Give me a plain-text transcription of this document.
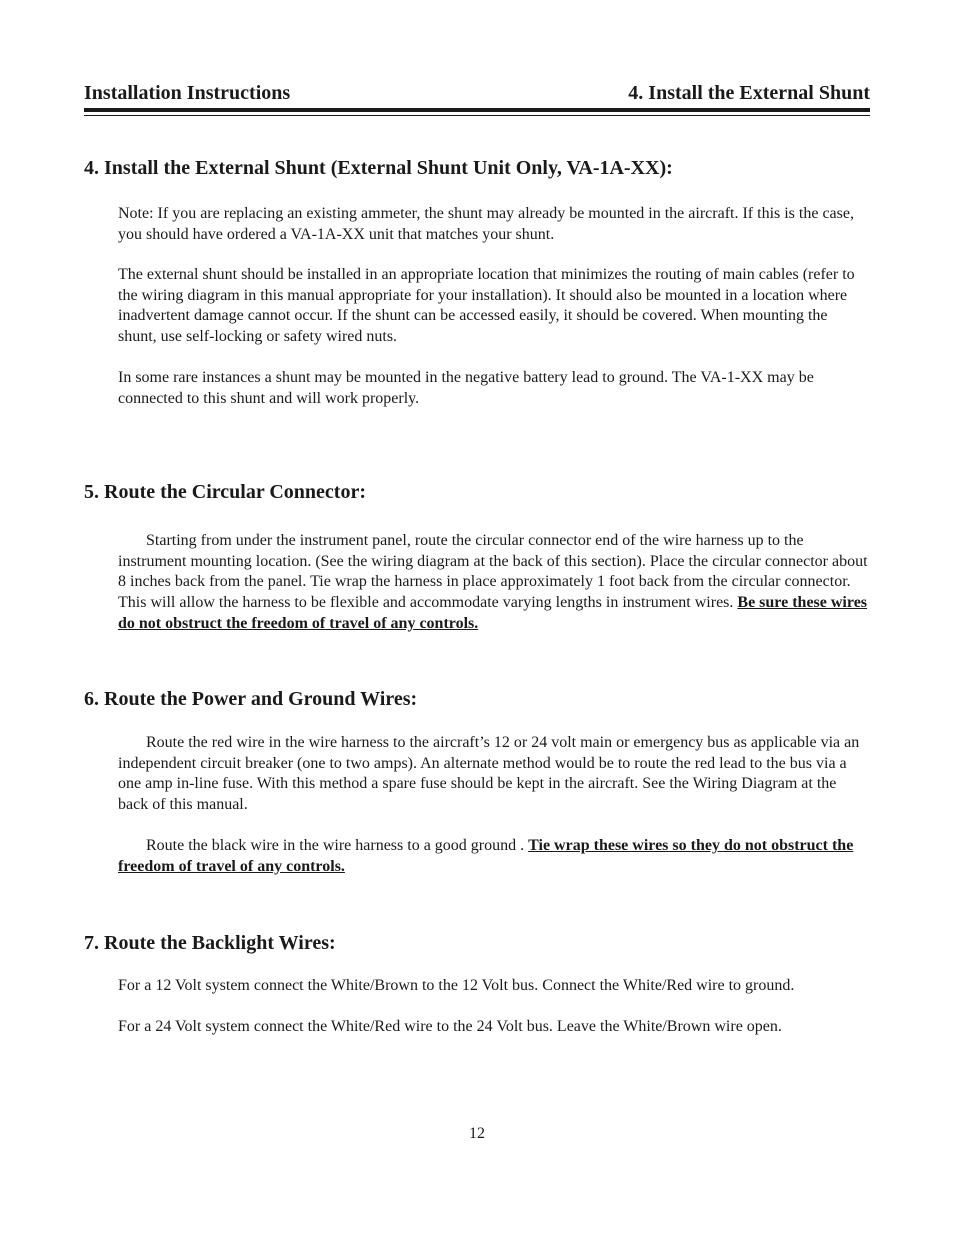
Installation Instructions	4. Install the External Shunt
4. Install the External Shunt (External Shunt Unit Only, VA-1A-XX):

Note: If you are replacing an existing ammeter, the shunt may already be mounted in the aircraft. If this is the case, you should have ordered a VA-1A-XX unit that matches your shunt.

The external shunt should be installed in an appropriate location that minimizes the routing of main cables (refer to the wiring diagram in this manual appropriate for your installation). It should also be mounted in a location where inadvertent damage cannot occur. If the shunt can be accessed easily, it should be covered. When mounting the shunt, use self-locking or safety wired nuts.

In some rare instances a shunt may be mounted in the negative battery lead to ground. The VA-1-XX may be connected to this shunt and will work properly.

5. Route the Circular Connector:

Starting from under the instrument panel, route the circular connector end of the wire harness up to the instrument mounting location. (See the wiring diagram at the back of this section). Place the circular connector about 8 inches back from the panel. Tie wrap the harness in place approximately 1 foot back from the circular connector. This will allow the harness to be flexible and accommodate varying lengths in instrument wires. Be sure these wires do not obstruct the freedom of travel of any controls.

6. Route the Power and Ground Wires:

Route the red wire in the wire harness to the aircraft’s 12 or 24 volt main or emergency bus as applicable via an independent circuit breaker (one to two amps). An alternate method would be to route the red lead to the bus via a one amp in-line fuse. With this method a spare fuse should be kept in the aircraft. See the Wiring Diagram at the back of this manual.

Route the black wire in the wire harness to a good ground . Tie wrap these wires so they do not obstruct the freedom of travel of any controls.

7. Route the Backlight Wires:

For a 12 Volt system connect the White/Brown to the 12 Volt bus. Connect the White/Red wire to ground.

For a 24 Volt system connect the White/Red wire to the 24 Volt bus. Leave the White/Brown wire open.

12
